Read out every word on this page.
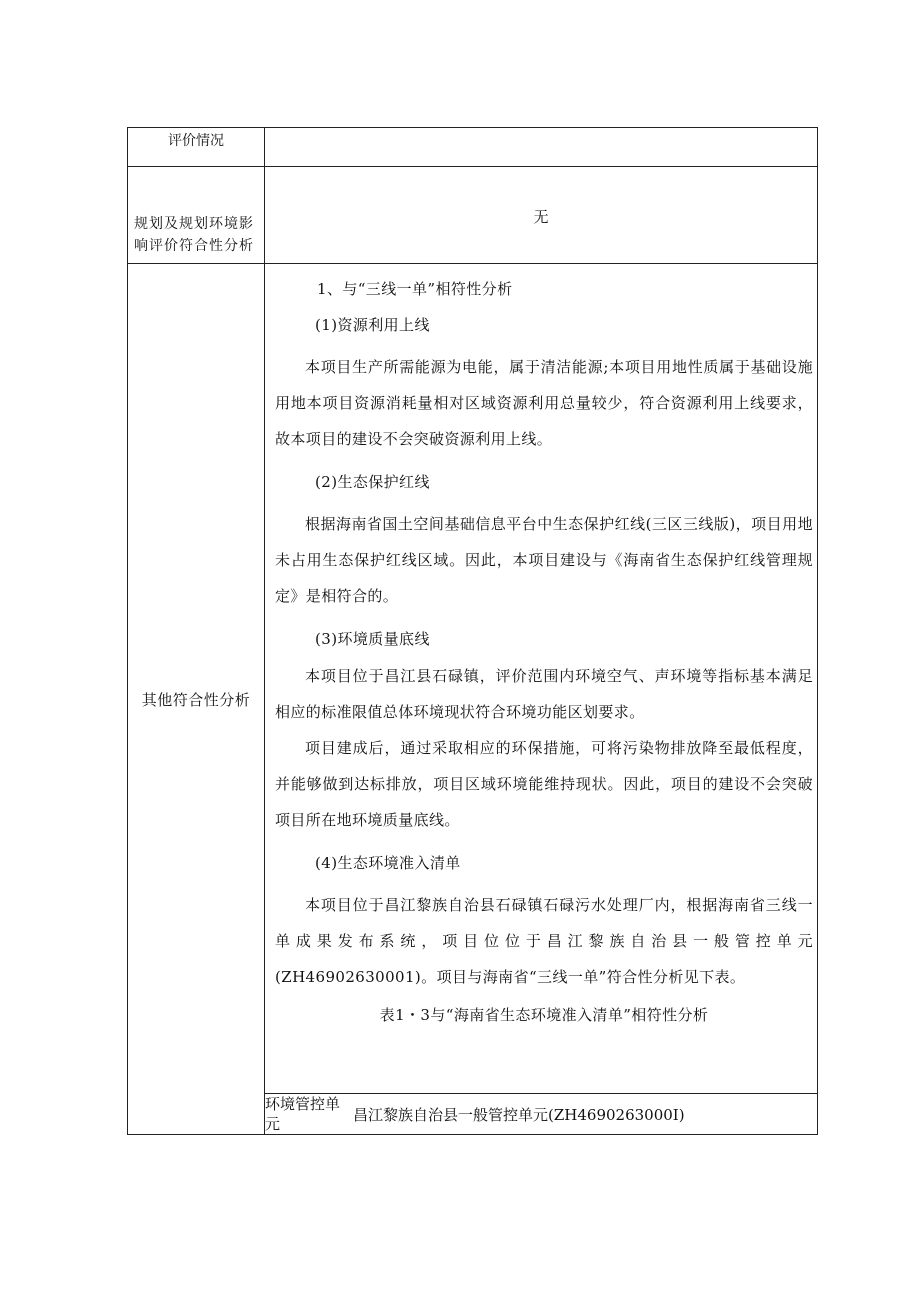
评价情况	
规划及规划环境影响评价符合性分析	无
其他符合性分析	

1、与“三线一单”相符性分析

(1)资源利用上线

本项目生产所需能源为电能，属于清洁能源;本项目用地性质属于基础设施用地本项目资源消耗量相对区域资源利用总量较少，符合资源利用上线要求，故本项目的建设不会突破资源利用上线。

(2)生态保护红线

根据海南省国土空间基础信息平台中生态保护红线(三区三线版)，项目用地未占用生态保护红线区域。因此，本项目建设与《海南省生态保护红线管理规定》是相符合的。

(3)环境质量底线

本项目位于昌江县石碌镇，评价范围内环境空气、声环境等指标基本满足相应的标准限值总体环境现状符合环境功能区划要求。

项目建成后，通过采取相应的环保措施，可将污染物排放降至最低程度，并能够做到达标排放，项目区域环境能维持现状。因此，项目的建设不会突破项目所在地环境质量底线。

(4)生态环境准入清单

本项目位于昌江黎族自治县石碌镇石碌污水处理厂内，根据海南省三线一单成果发布系统，项目位位于昌江黎族自治县一般管控单元(ZH46902630001)。项目与海南省“三线一单”符合性分析见下表。

表1・3与“海南省生态环境准入清单”相符性分析

环境管控单元	昌江黎族自治县一般管控单元(ZH4690263000I)
